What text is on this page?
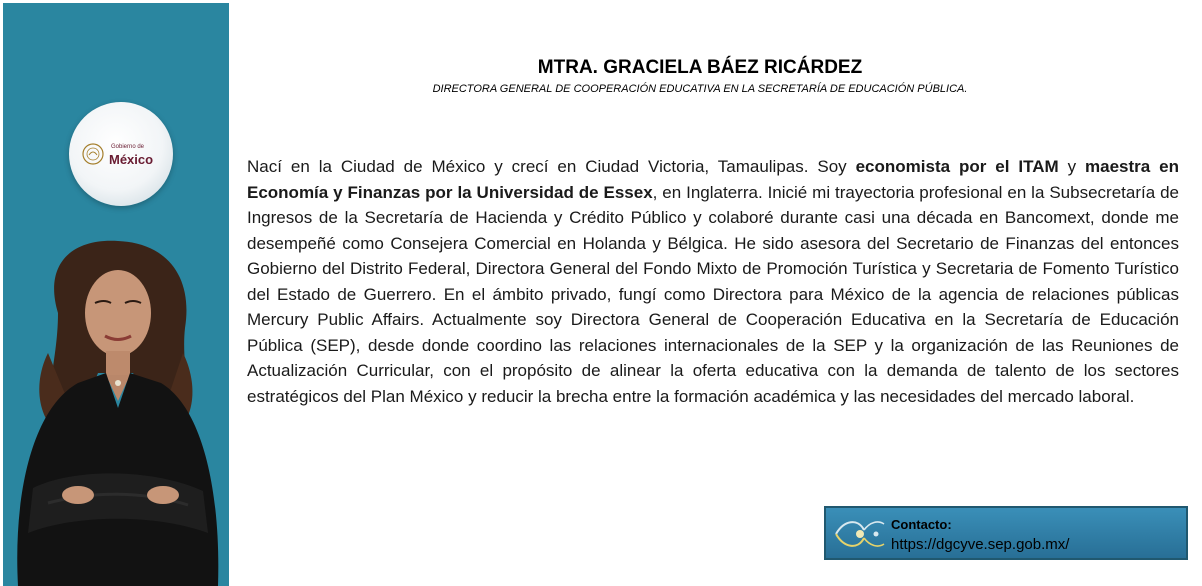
Gobierno de
México
MTRA. GRACIELA BÁEZ RICÁRDEZ
DIRECTORA GENERAL DE COOPERACIÓN EDUCATIVA EN LA SECRETARÍA DE EDUCACIÓN PÚBLICA.

Nací en la Ciudad de México y crecí en Ciudad Victoria, Tamaulipas. Soy economista por el ITAM y maestra en Economía y Finanzas por la Universidad de Essex, en Inglaterra. Inicié mi trayectoria profesional en la Subsecretaría de Ingresos de la Secretaría de Hacienda y Crédito Público y colaboré durante casi una década en Bancomext, donde me desempeñé como Consejera Comercial en Holanda y Bélgica. He sido asesora del Secretario de Finanzas del entonces Gobierno del Distrito Federal, Directora General del Fondo Mixto de Promoción Turística y Secretaria de Fomento Turístico del Estado de Guerrero. En el ámbito privado, fungí como Directora para México de la agencia de relaciones públicas Mercury Public Affairs. Actualmente soy Directora General de Cooperación Educativa en la Secretaría de Educación Pública (SEP), desde donde coordino las relaciones internacionales de la SEP y la organización de las Reuniones de Actualización Curricular, con el propósito de alinear la oferta educativa con la demanda de talento de los sectores estratégicos del Plan México y reducir la brecha entre la formación académica y las necesidades del mercado laboral.

Contacto:
https://dgcyve.sep.gob.mx/
